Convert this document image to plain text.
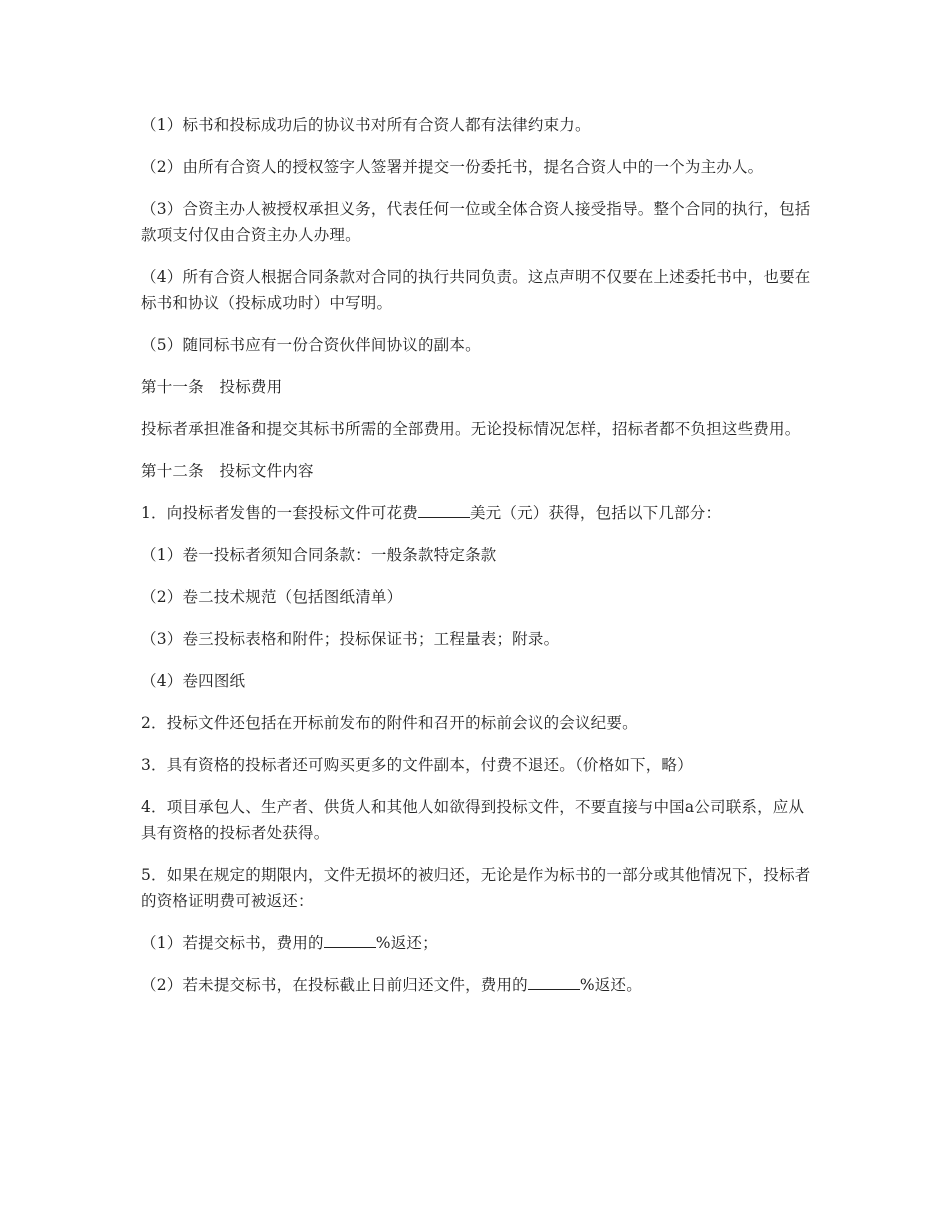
（1）标书和投标成功后的协议书对所有合资人都有法律约束力。

（2）由所有合资人的授权签字人签署并提交一份委托书，提名合资人中的一个为主办人。

（3）合资主办人被授权承担义务，代表任何一位或全体合资人接受指导。整个合同的执行，包括款项支付仅由合资主办人办理。

（4）所有合资人根据合同条款对合同的执行共同负责。这点声明不仅要在上述委托书中，也要在标书和协议（投标成功时）中写明。

（5）随同标书应有一份合资伙伴间协议的副本。

第十一条　投标费用

投标者承担准备和提交其标书所需的全部费用。无论投标情况怎样，招标者都不负担这些费用。

第十二条　投标文件内容

1．向投标者发售的一套投标文件可花费	美元（元）获得，包括以下几部分：

（1）卷一投标者须知合同条款：一般条款特定条款

（2）卷二技术规范（包括图纸清单）

（3）卷三投标表格和附件；投标保证书；工程量表；附录。

（4）卷四图纸

2．投标文件还包括在开标前发布的附件和召开的标前会议的会议纪要。

3．具有资格的投标者还可购买更多的文件副本，付费不退还。（价格如下，略）

4．项目承包人、生产者、供货人和其他人如欲得到投标文件，不要直接与中国a公司联系，应从具有资格的投标者处获得。

5．如果在规定的期限内，文件无损坏的被归还，无论是作为标书的一部分或其他情况下，投标者的资格证明费可被返还：

（1）若提交标书，费用的	%返还；

（2）若未提交标书，在投标截止日前归还文件，费用的	%返还。
